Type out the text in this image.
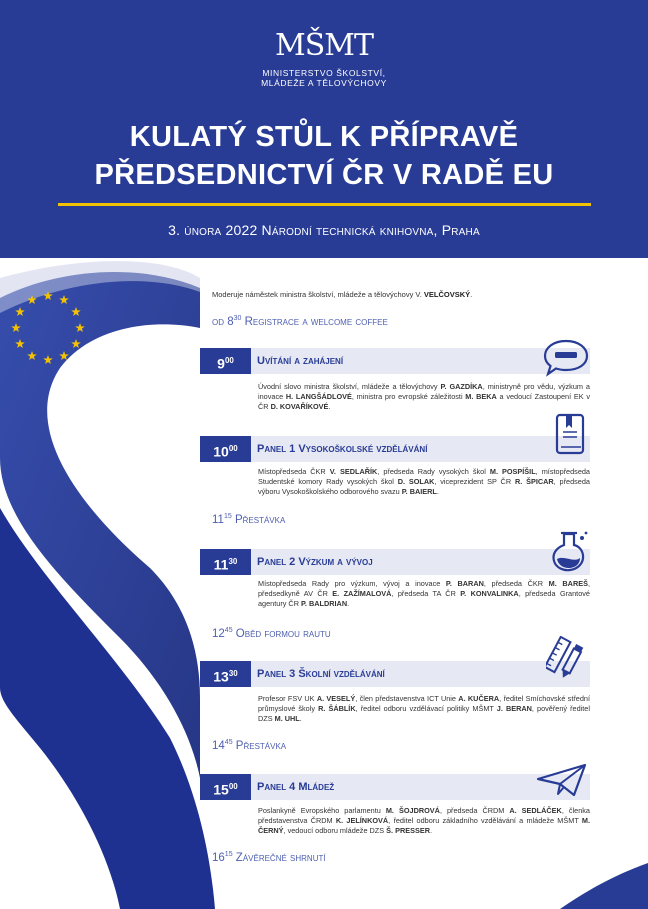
MŠMT
MINISTERSTVO ŠKOLSTVÍ,
MLÁDEŽE A TĚLOVÝCHOVY
KULATÝ STŮL K PŘÍPRAVĚ
PŘEDSEDNICTVÍ ČR V RADĚ EU
3. února 2022 Národní technická knihovna, Praha
Moderuje náměstek ministra školství, mládeže a tělovýchovy V. VELČOVSKÝ.
od $8^{30}$ Registrace a welcome coffee
$9^{00}$	Uvítání a zahájení
Úvodní slovo ministra školství, mládeže a tělovýchovy P. GAZDÍKA, ministryně pro vědu, výzkum a inovace H. LANGŠÁDLOVÉ, ministra pro evropské záležitosti M. BEKA a vedoucí Zastoupení EK v ČR D. KOVAŘÍKOVÉ.
$10^{00}$	Panel 1 Vysokoškolské vzdělávání
Místopředseda ČKR V. SEDLAŘÍK, předseda Rady vysokých škol M. POSPÍŠIL, místopředseda Studentské komory Rady vysokých škol D. SOLAK, viceprezident SP ČR R. ŠPICAR, předseda výboru Vysokoškolského odborového svazu P. BAIERL.
$11^{15}$ Přestávka
$11^{30}$	Panel 2 Výzkum a vývoj
Místopředseda Rady pro výzkum, vývoj a inovace P. BARAN, předseda ČKR M. BAREŠ, předsedkyně AV ČR E. ZAŽÍMALOVÁ, předseda TA ČR P. KONVALINKA, předseda Grantové agentury ČR P. BALDRIAN.
$12^{45}$ Oběd formou rautu
$13^{30}$	Panel 3 Školní vzdělávání
Profesor FSV UK A. VESELÝ, člen představenstva ICT Unie A. KUČERA, ředitel Smíchovské střední průmyslové školy R. ŠÁBLÍK, ředitel odboru vzdělávací politiky MŠMT J. BERAN, pověřený ředitel DZS M. UHL.
$14^{45}$ Přestávka
$15^{00}$	Panel 4 Mládež
Poslankyně Evropského parlamentu M. ŠOJDROVÁ, předseda ČRDM A. SEDLÁČEK, členka představenstva ČRDM K. JELÍNKOVÁ, ředitel odboru základního vzdělávání a mládeže MŠMT M. ČERNÝ, vedoucí odboru mládeže DZS Š. PRESSER.
$16^{15}$ Závěrečné shrnutí
